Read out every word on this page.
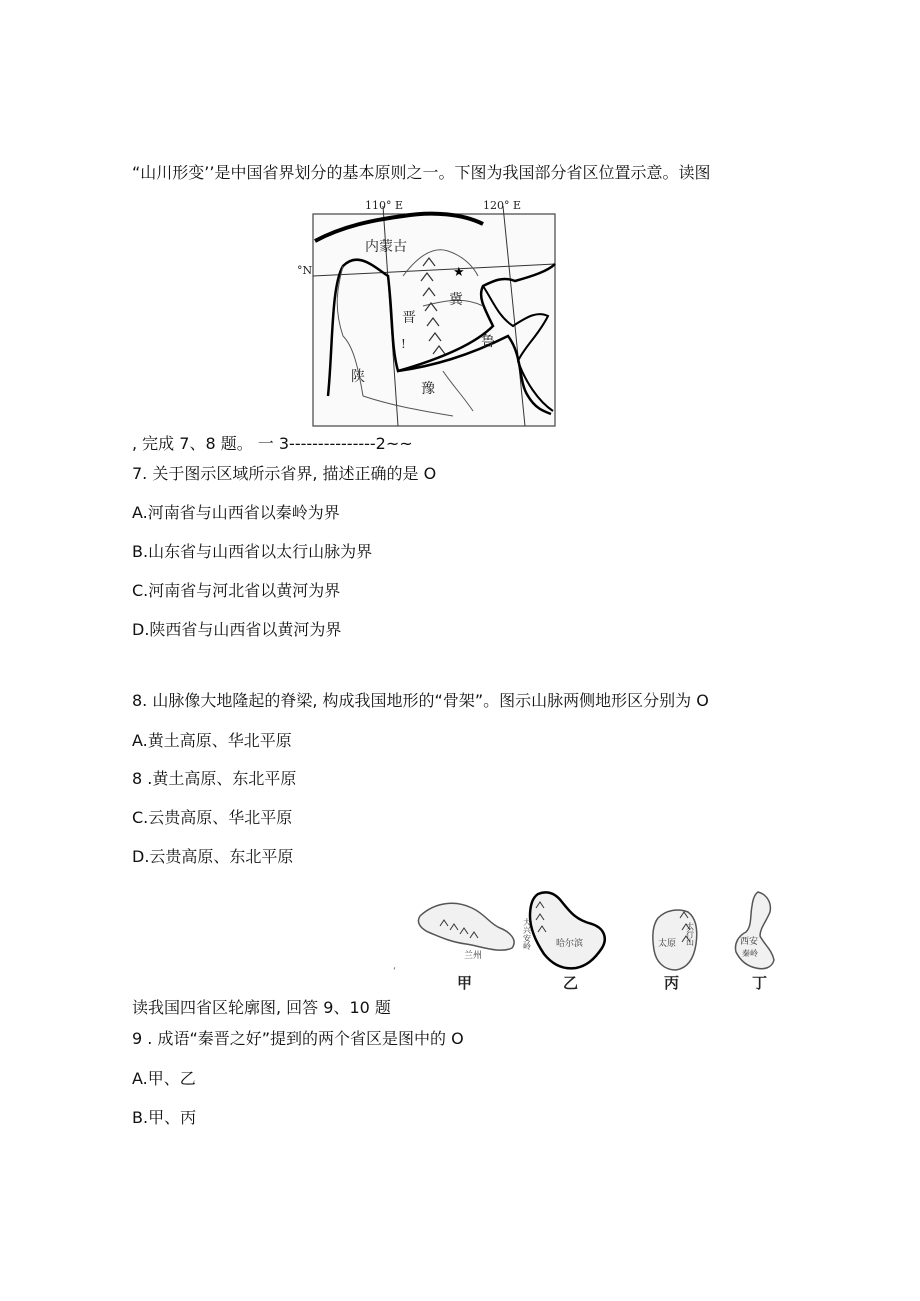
“山川形变’’是中国省界划分的基本原则之一。下图为我国部分省区位置示意。读图
110° E	120° E
°N	★
内蒙古
冀
晋
鲁
陕
豫
!
, 完成 7、8 题。 一 3---------------2~~
7. 关于图示区域所示省界, 描述正确的是 O
A.河南省与山西省以秦岭为界
B.山东省与山西省以太行山脉为界
C.河南省与河北省以黄河为界
D.陕西省与山西省以黄河为界
8. 山脉像大地隆起的脊梁, 构成我国地形的“骨架”。图示山脉两侧地形区分别为 O
A.黄土高原、华北平原
8 .黄土高原、东北平原
C.云贵高原、华北平原
D.云贵高原、东北平原
‘
兰州
甲
大兴安岭	哈尔滨
乙
太行山
太原
丙
西安
秦岭
丁
读我国四省区轮廓图, 回答 9、10 题
9 . 成语“秦晋之好”提到的两个省区是图中的 O
A.甲、乙
B.甲、丙
